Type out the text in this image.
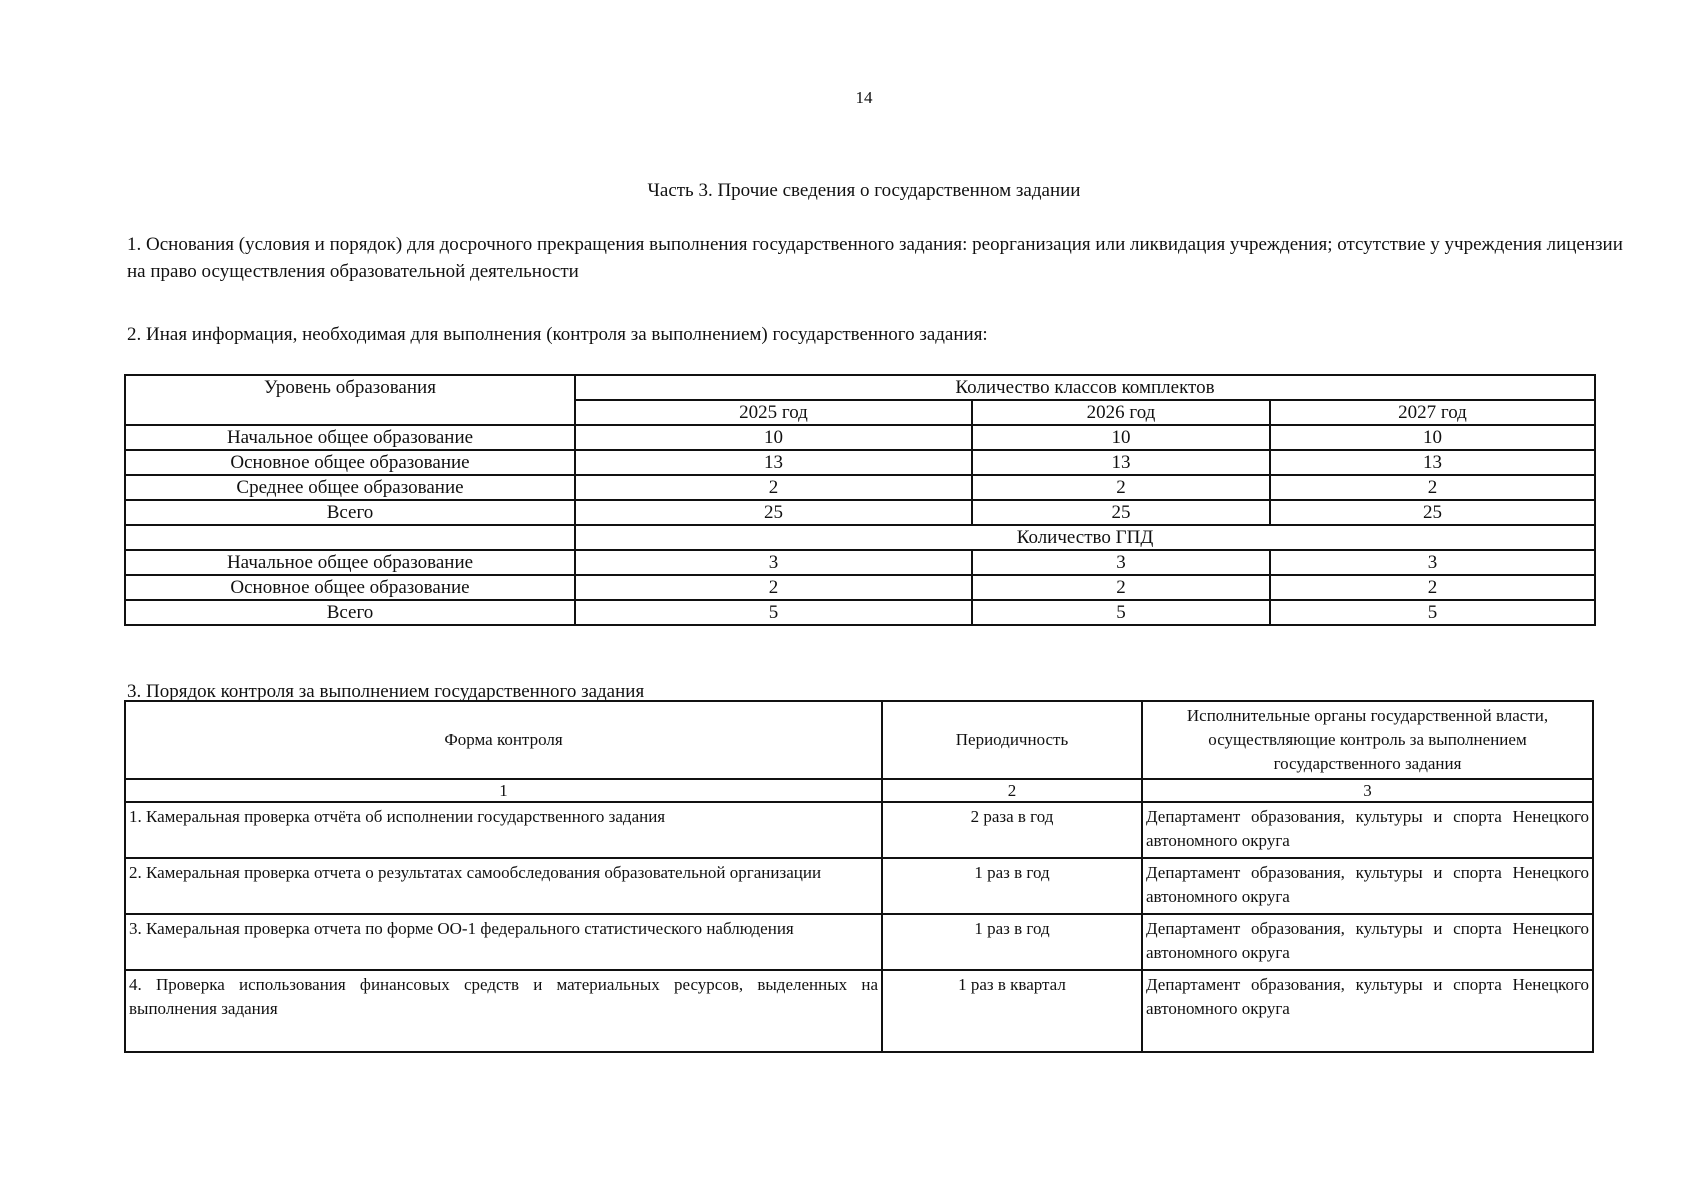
14
Часть 3. Прочие сведения о государственном задании
1. Основания (условия и порядок) для досрочного прекращения выполнения государственного задания: реорганизация или ликвидация учреждения; отсутствие у учреждения лицензии на право осуществления образовательной деятельности
2. Иная информация, необходимая для выполнения (контроля за выполнением) государственного задания:
Уровень образования	Количество классов комплектов		
	2025 год	2026 год	2027 год
Начальное общее образование	10	10	10
Основное общее образование	13	13	13
Среднее общее образование	2	2	2
Всего	25	25	25
	Количество ГПД		
Начальное общее образование	3	3	3
Основное общее образование	2	2	2
Всего	5	5	5
3. Порядок контроля за выполнением государственного задания
Форма контроля	Периодичность	Исполнительные органы государственной власти, осуществляющие контроль за выполнением государственного задания
1	2	3
1. Камеральная проверка отчёта об исполнении государственного задания	2 раза в год	Департамент образования, культуры и спорта Ненецкого автономного округа
2. Камеральная проверка отчета о результатах самообследования образовательной организации	1 раз в год	Департамент образования, культуры и спорта Ненецкого автономного округа
3. Камеральная проверка отчета по форме ОО-1 федерального статистического наблюдения	1 раз в год	Департамент образования, культуры и спорта Ненецкого автономного округа
4. Проверка использования финансовых средств и материальных ресурсов, выделенных на выполнения задания	1 раз в квартал	Департамент образования, культуры и спорта Ненецкого автономного округа
